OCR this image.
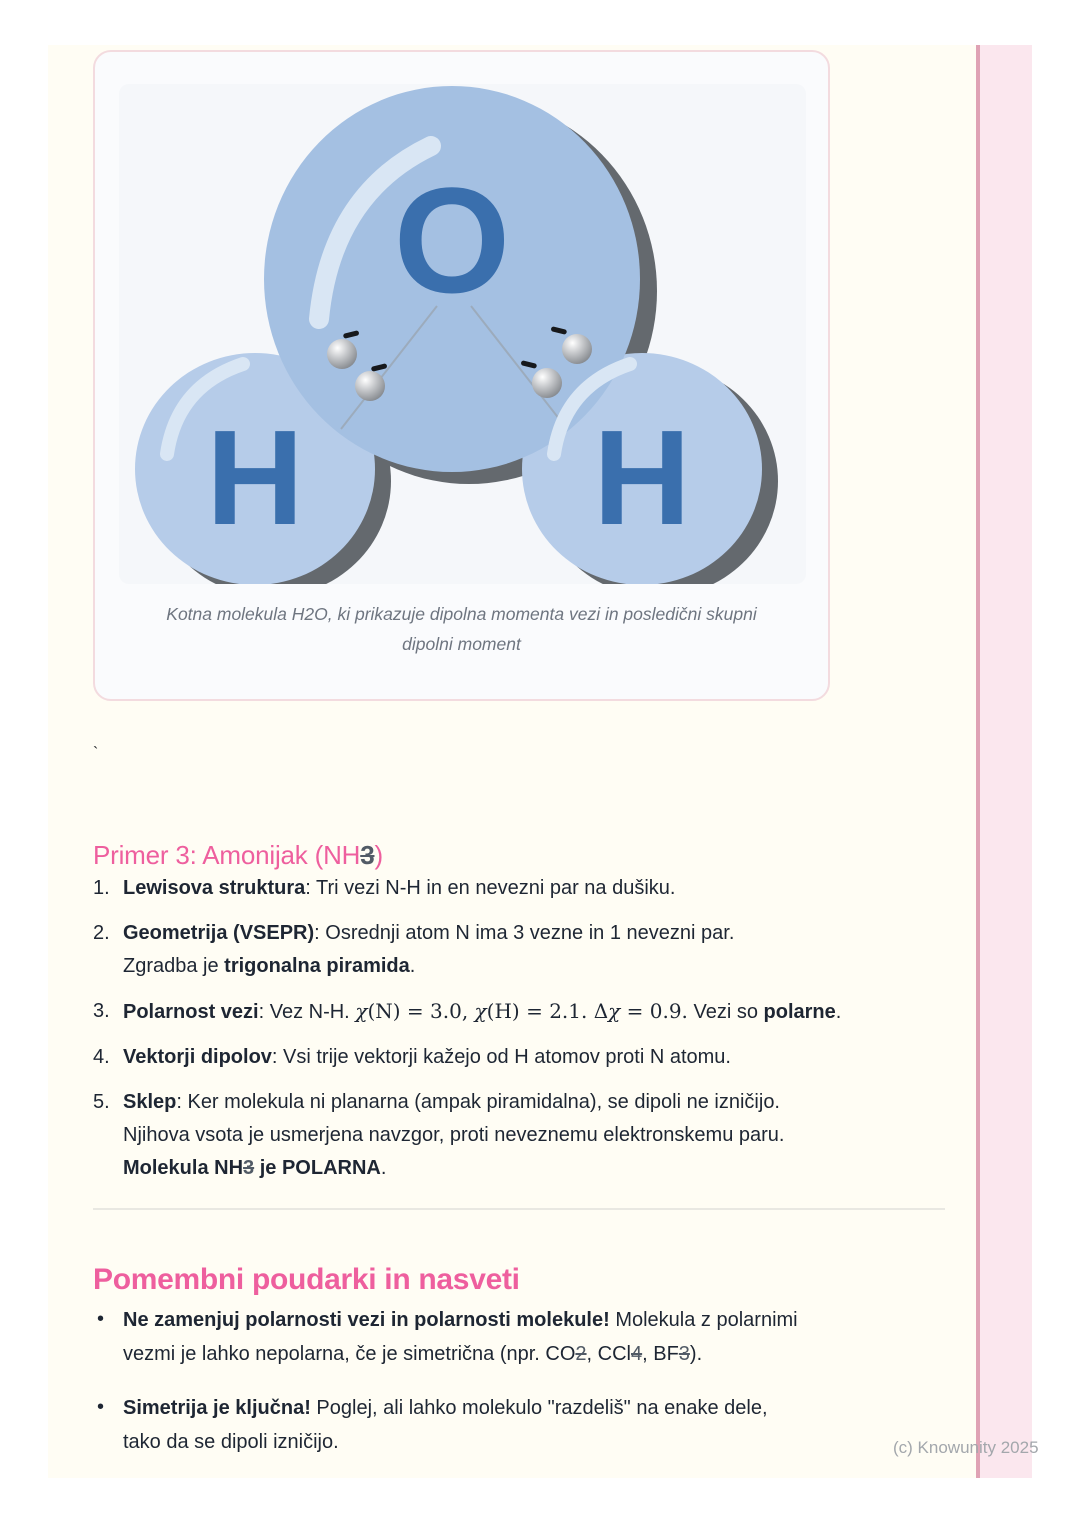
O
H H
Kotna molekula H2O, ki prikazuje dipolna momenta vezi in posledični skupni
dipolni moment
`
Primer 3: Amonijak (NH3)
1. Lewisova struktura: Tri vezi N-H in en nevezni par na dušiku.
2. Geometrija (VSEPR): Osrednji atom N ima 3 vezne in 1 nevezni par.
Zgradba je trigonalna piramida.
3. Polarnost vezi: Vez N-H. χ(N) = 3.0, χ(H) = 2.1. Δχ = 0.9. Vezi so polarne.
4. Vektorji dipolov: Vsi trije vektorji kažejo od H atomov proti N atomu.
5. Sklep: Ker molekula ni planarna (ampak piramidalna), se dipoli ne izničijo.
Njihova vsota je usmerjena navzgor, proti neveznemu elektronskemu paru.
Molekula NH3 je POLARNA.
Pomembni poudarki in nasveti
• Ne zamenjuj polarnosti vezi in polarnosti molekule! Molekula z polarnimi
vezmi je lahko nepolarna, če je simetrična (npr. CO2, CCl4, BF3).
• Simetrija je ključna! Poglej, ali lahko molekulo "razdeliš" na enake dele,
tako da se dipoli izničijo.	(c) Knowunity 2025
